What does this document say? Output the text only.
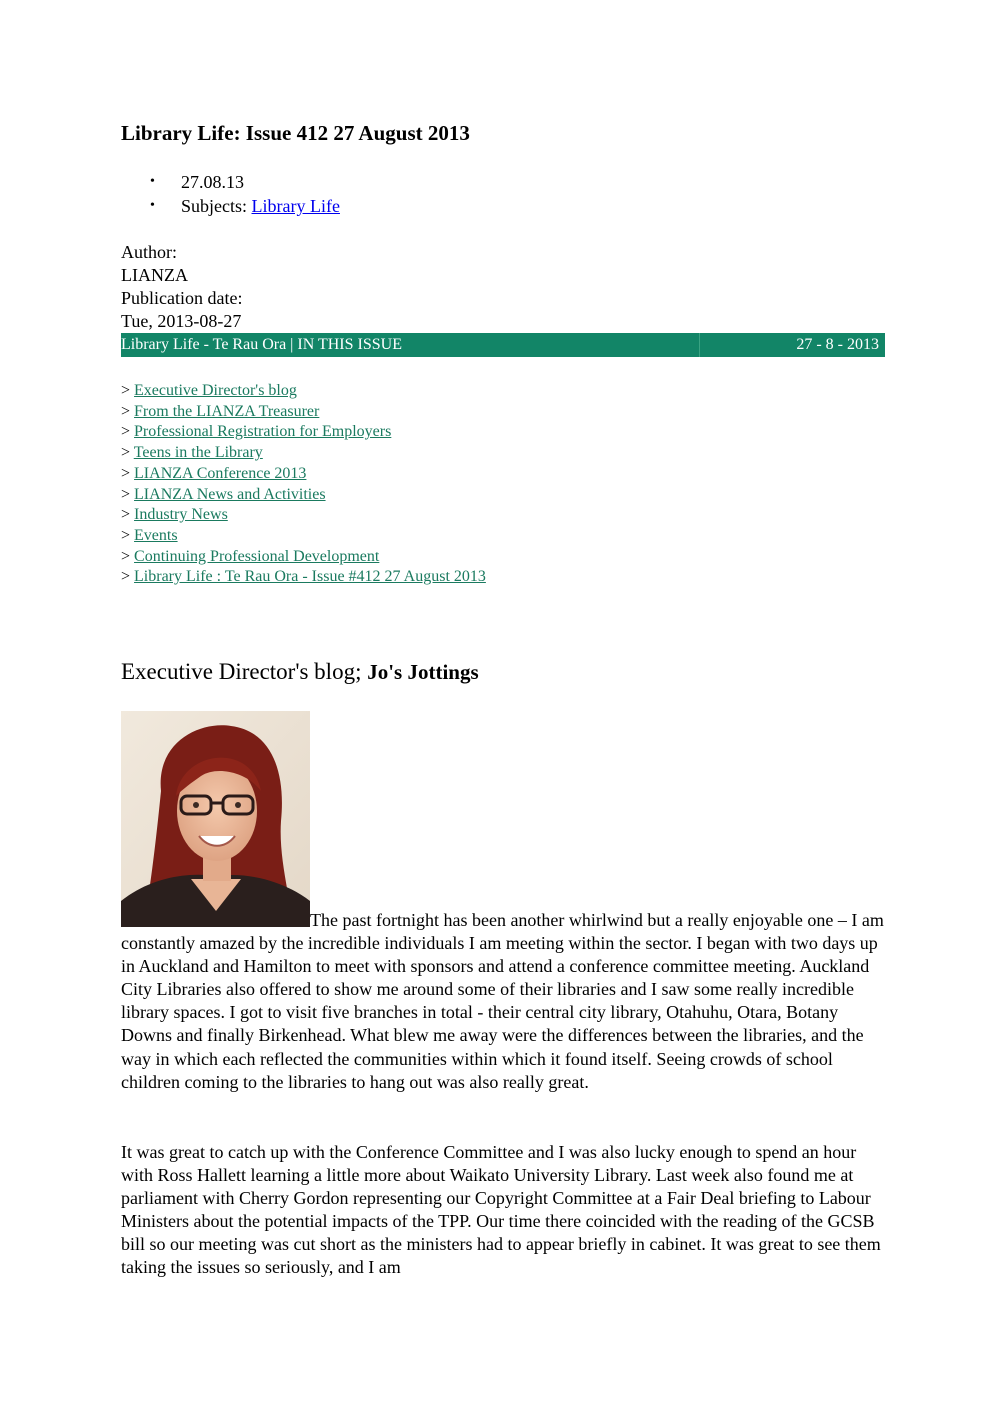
Library Life: Issue 412 27 August 2013
• 27.08.13
• Subjects: Library Life
Author:
LIANZA
Publication date:
Tue, 2013-08-27
Library Life - Te Rau Ora | IN THIS ISSUE	27 - 8 - 2013
> Executive Director's blog
> From the LIANZA Treasurer
> Professional Registration for Employers
> Teens in the Library
> LIANZA Conference 2013
> LIANZA News and Activities
> Industry News
> Events
> Continuing Professional Development
> Library Life : Te Rau Ora - Issue #412 27 August 2013
Executive Director's blog; Jo's Jottings

The past fortnight has been another whirlwind but a really enjoyable one – I am constantly amazed by the incredible individuals I am meeting within the sector. I began with two days up in Auckland and Hamilton to meet with sponsors and attend a conference committee meeting. Auckland City Libraries also offered to show me around some of their libraries and I saw some really incredible library spaces. I got to visit five branches in total - their central city library, Otahuhu, Otara, Botany Downs and finally Birkenhead. What blew me away were the differences between the libraries, and the way in which each reflected the communities within which it found itself. Seeing crowds of school children coming to the libraries to hang out was also really great.

It was great to catch up with the Conference Committee and I was also lucky enough to spend an hour with Ross Hallett learning a little more about Waikato University Library. Last week also found me at parliament with Cherry Gordon representing our Copyright Committee at a Fair Deal briefing to Labour Ministers about the potential impacts of the TPP. Our time there coincided with the reading of the GCSB bill so our meeting was cut short as the ministers had to appear briefly in cabinet. It was great to see them taking the issues so seriously, and I am
